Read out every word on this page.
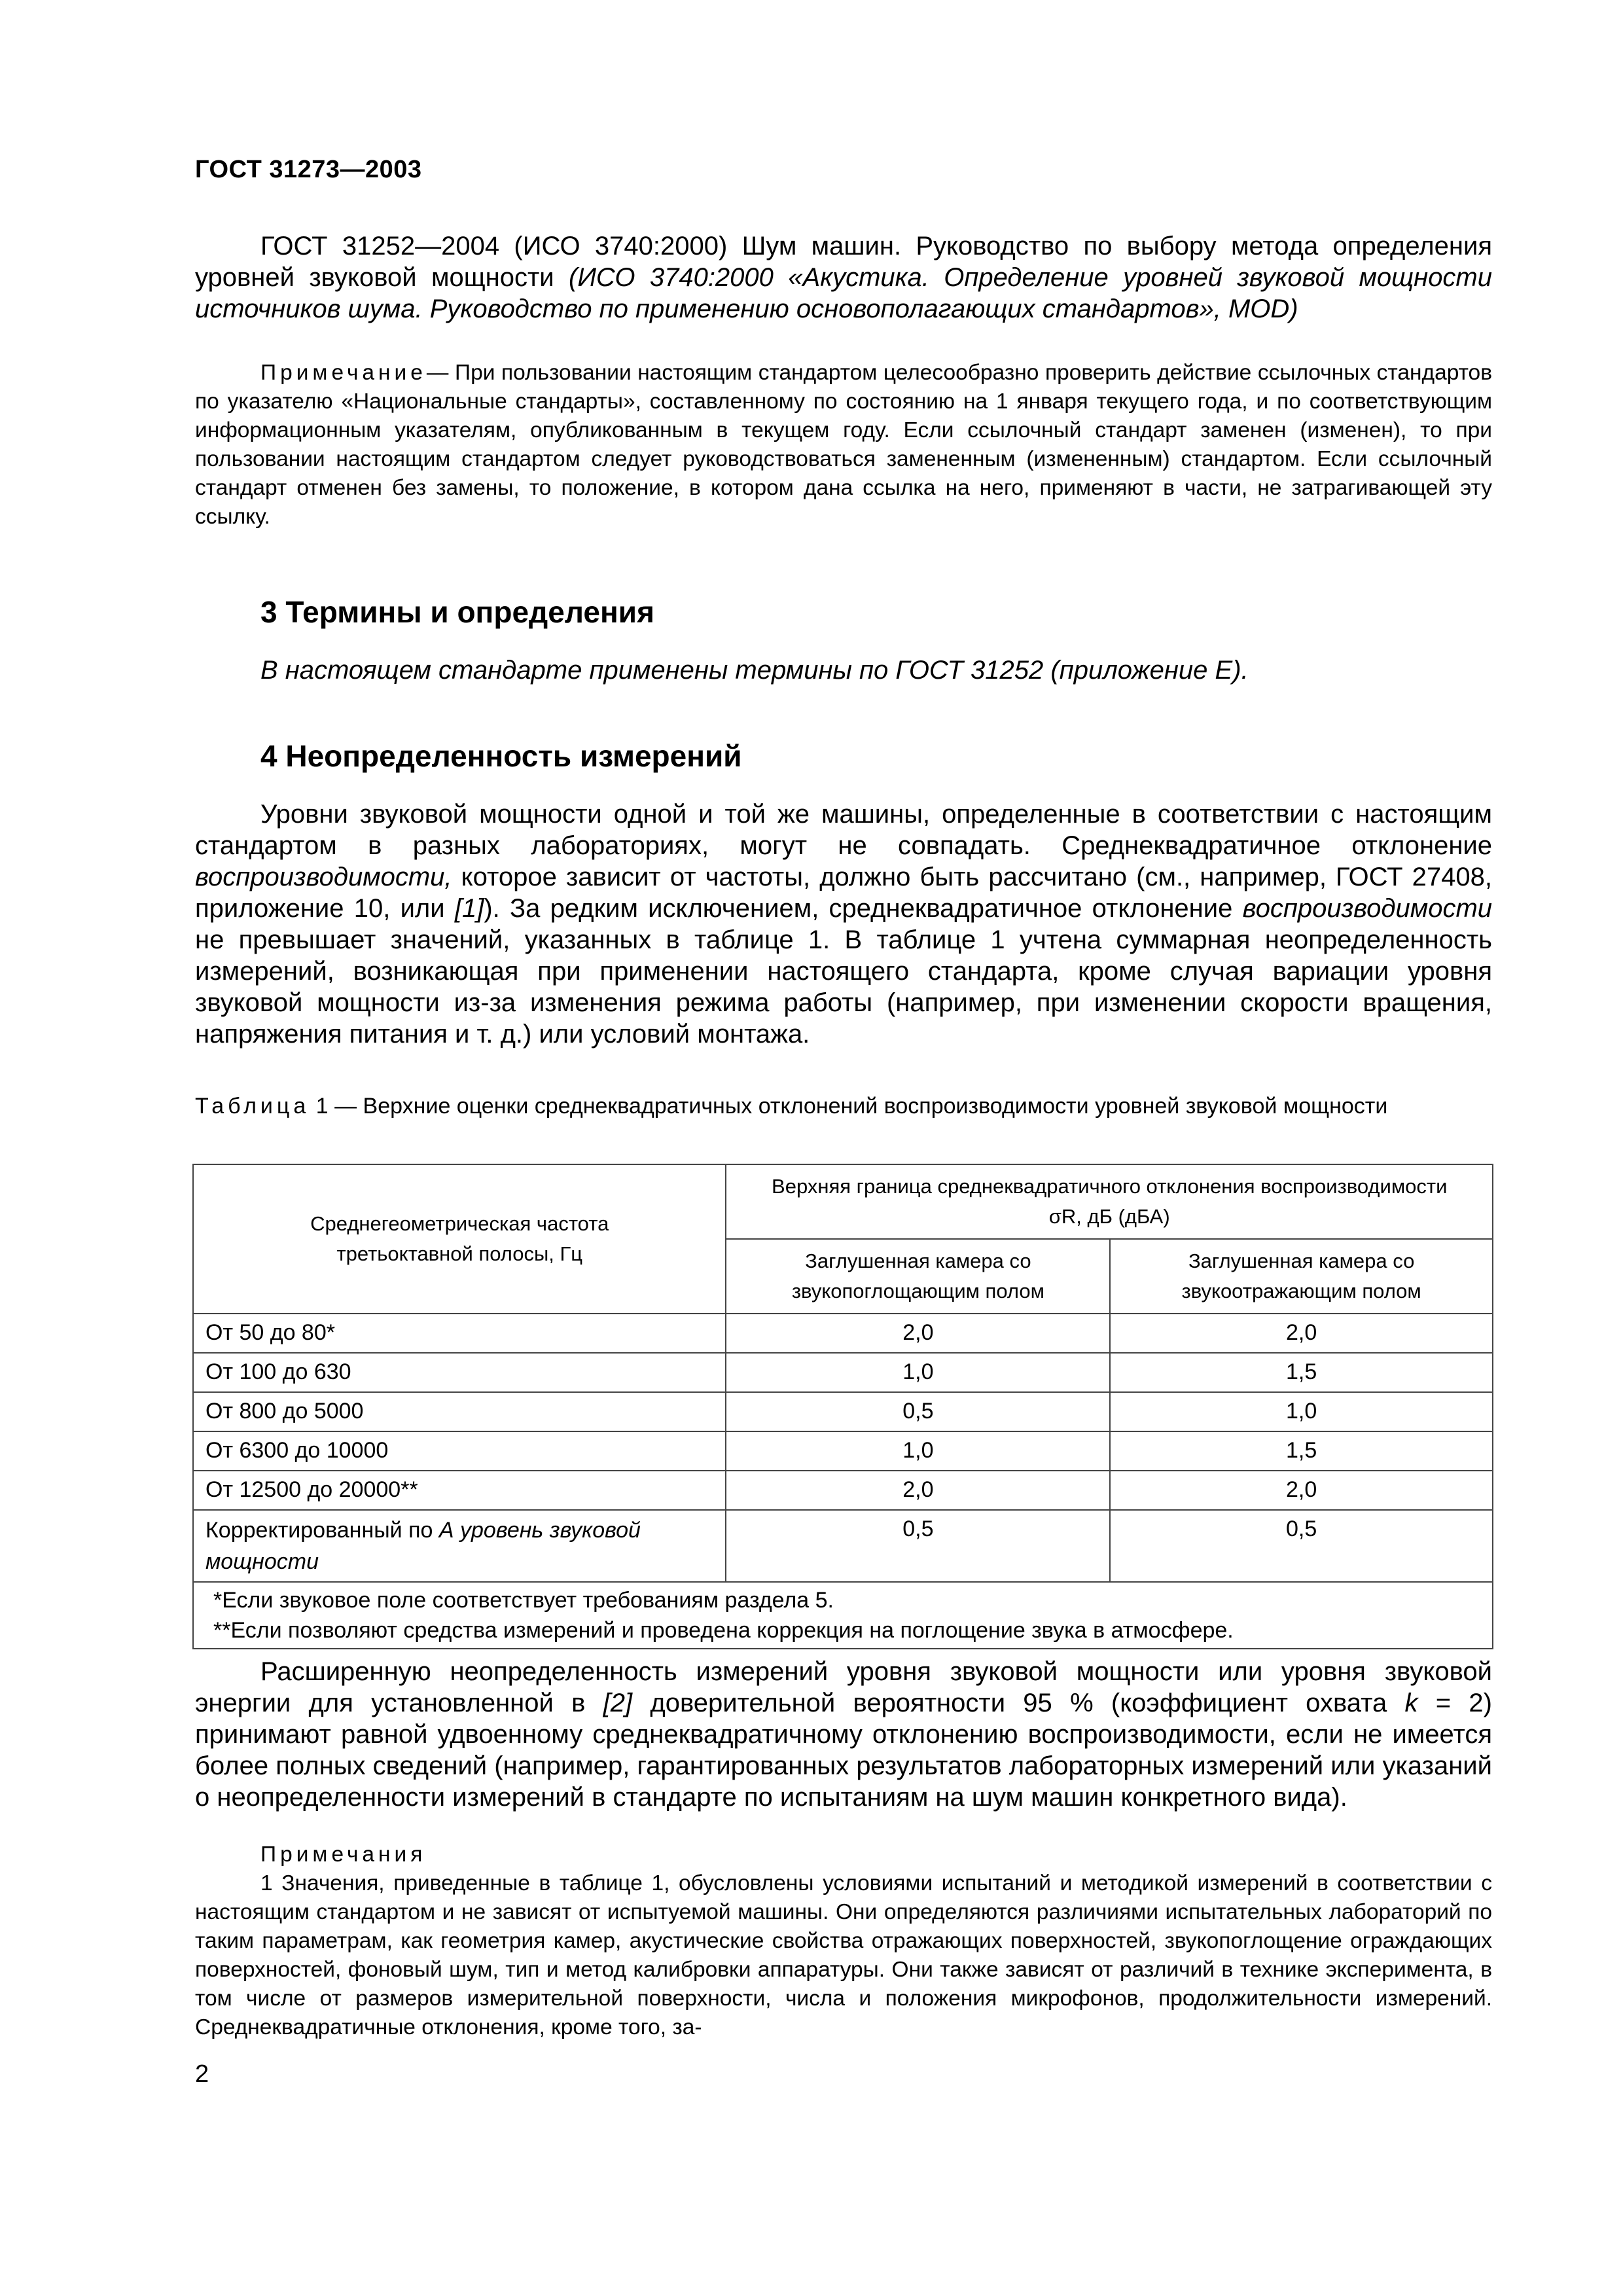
ГОСТ 31273—2003

ГОСТ 31252—2004 (ИСО 3740:2000) Шум машин. Руководство по выбору метода определения уровней звуковой мощности (ИСО 3740:2000 «Акустика. Определение уровней звуковой мощности источников шума. Руководство по применению основополагающих стандартов», MOD)

Примечание— При пользовании настоящим стандартом целесообразно проверить действие ссылочных стандартов по указателю «Национальные стандарты», составленному по состоянию на 1 января текущего года, и по соответствующим информационным указателям, опубликованным в текущем году. Если ссылочный стандарт заменен (изменен), то при пользовании настоящим стандартом следует руководствоваться замененным (измененным) стандартом. Если ссылочный стандарт отменен без замены, то положение, в котором дана ссылка на него, применяют в части, не затрагивающей эту ссылку.

3 Термины и определения

В настоящем стандарте применены термины по ГОСТ 31252 (приложение Е).

4 Неопределенность измерений

Уровни звуковой мощности одной и той же машины, определенные в соответствии с настоящим стандартом в разных лабораториях, могут не совпадать. Среднеквадратичное отклонение воспроизводимости, которое зависит от частоты, должно быть рассчитано (см., например, ГОСТ 27408, приложение 10, или [1]). За редким исключением, среднеквадратичное отклонение воспроизводимости не превышает значений, указанных в таблице 1. В таблице 1 учтена суммарная неопределенность измерений, возникающая при применении настоящего стандарта, кроме случая вариации уровня звуковой мощности из-за изменения режима работы (например, при изменении скорости вращения, напряжения питания и т. д.) или условий монтажа.

Таблица 1 — Верхние оценки среднеквадратичных отклонений воспроизводимости уровней звуковой мощности
Среднегеометрическая частота третьоктавной полосы, Гц	Верхняя граница среднеквадратичного отклонения воспроизводимости
σR, дБ (дБА)	

	Заглушенная камера со звукопоглощающим полом	Заглушенная камера со звукоотражающим полом
От 50 до 80*	2,0	2,0
От 100 до 630	1,0	1,5
От 800 до 5000	0,5	1,0
От 6300 до 10000	1,0	1,5
От 12500 до 20000**	2,0	2,0
Корректированный по А уровень звуковой мощности	0,5	0,5

*Если звуковое поле соответствует требованиям раздела 5.
**Если позволяют средства измерений и проведена коррекция на поглощение звука в атмосфере.		

Расширенную неопределенность измерений уровня звуковой мощности или уровня звуковой энергии для установленной в [2] доверительной вероятности 95 % (коэффициент охвата k = 2) принимают равной удвоенному среднеквадратичному отклонению воспроизводимости, если не имеется более полных сведений (например, гарантированных результатов лабораторных измерений или указаний о неопределенности измерений в стандарте по испытаниям на шум машин конкретного вида).

Примечания

1 Значения, приведенные в таблице 1, обусловлены условиями испытаний и методикой измерений в соответствии с настоящим стандартом и не зависят от испытуемой машины. Они определяются различиями испытательных лабораторий по таким параметрам, как геометрия камер, акустические свойства отражающих поверхностей, звукопоглощение ограждающих поверхностей, фоновый шум, тип и метод калибровки аппаратуры. Они также зависят от различий в технике эксперимента, в том числе от размеров измерительной поверхности, числа и положения микрофонов, продолжительности измерений. Среднеквадратичные отклонения, кроме того, за-

2
